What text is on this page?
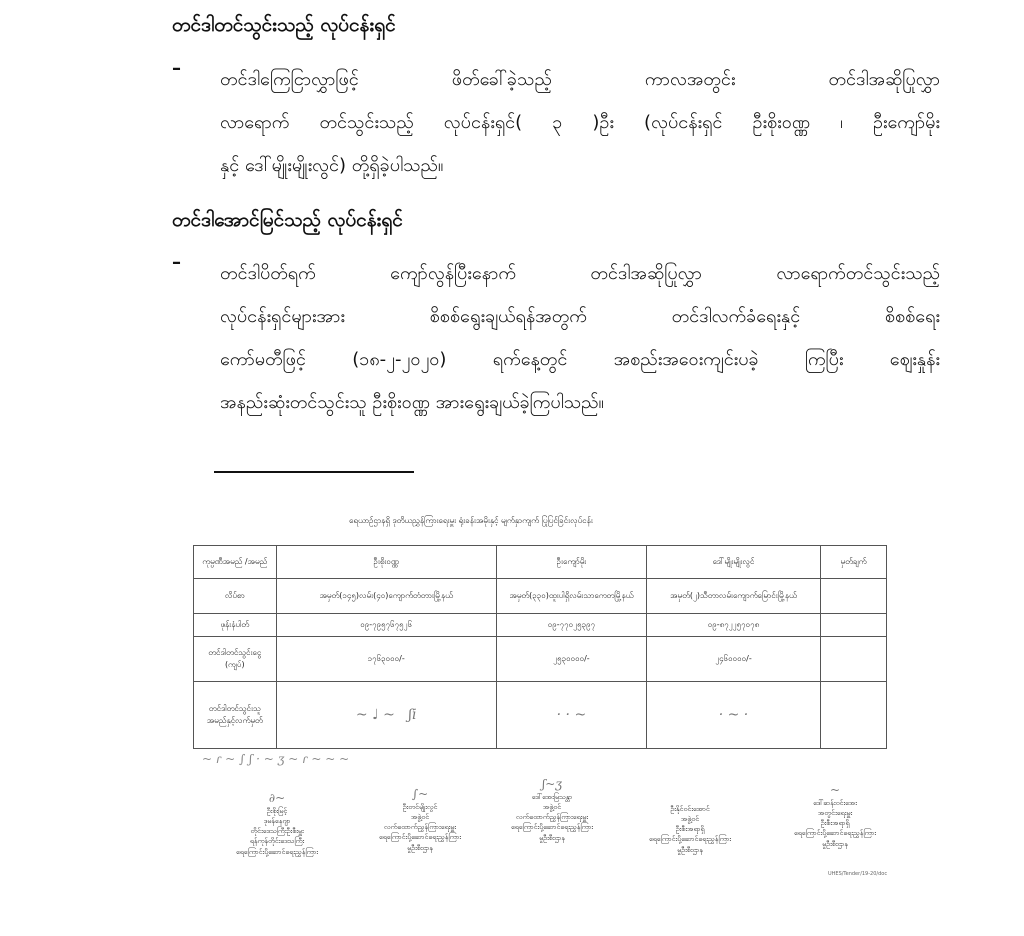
တင်ဒါတင်သွင်းသည့် လုပ်ငန်းရှင်
–
တင်ဒါကြေငြာလွှာဖြင့် ဖိတ်ခေါ်ခဲ့သည့် ကာလအတွင်း တင်ဒါအဆိုပြုလွှာ
လာရောက် တင်သွင်းသည့် လုပ်ငန်းရှင်( ၃ )ဦး (လုပ်ငန်းရှင် ဦးစိုးဝဏ္ဏ ၊ ဦးကျော်မိုး
နှင့် ဒေါ်မျိုးမျိုးလွင်) တို့ရှိခဲ့ပါသည်။
တင်ဒါအောင်မြင်သည့် လုပ်ငန်းရှင်
–
တင်ဒါပိတ်ရက် ကျော်လွန်ပြီးနောက် တင်ဒါအဆိုပြုလွှာ လာရောက်တင်သွင်းသည့်
လုပ်ငန်းရှင်များအား စိစစ်ရွေးချယ်ရန်အတွက် တင်ဒါလက်ခံရေးနှင့် စိစစ်ရေး
ကော်မတီဖြင့် (၁၈-၂-၂၀၂၀) ရက်နေ့တွင် အစည်းအဝေးကျင်းပခဲ့ ကြပြီး ဈေးနှုန်း
အနည်းဆုံးတင်သွင်းသူ ဦးစိုးဝဏ္ဏ အားရွေးချယ်ခဲ့ကြပါသည်။
ရေယာဉ်ဌာနရှိ ဒုတိယညွှန်ကြားရေးမှူး ရုံးခန်းအမိုးနှင့် မျက်နှာကျက် ပြုပြင်ခြင်းလုပ်ငန်း
ကုမ္ပဏီအမည် /အမည်	ဦးစိုးဝဏ္ဏ	ဦးကျော်မိုး	ဒေါ်မျိုးမျိုးလွင်	မှတ်ချက်
လိပ်စာ	အမှတ်(၁၄၅)လမ်း(၄၀)ကျောက်တံတားမြို့နယ်	အမှတ်(၃၃၀)ထူးပါရှိလမ်းသာကေတမြို့နယ်	အမှတ်(၂)သီတာလမ်းကျောက်မြောင်းမြို့နယ်	
ဖုန်းနံပါတ်	၀၉-၇၉၅၇၆၇၅၂၆	၀၉-၇၇၀၂၅၃၉၇	၀၉-၈၇၂၂၅၇၀၇၈	
တင်ဒါတင်သွင်းငွေ (ကျပ်)	၁၇၆၃၀၀၀/-	၂၅၃၀၀၀၀/-	၂၄၆၀၀၀၀/-	
တင်ဒါတင်သွင်းသူ အမည်နှင့်လက်မှတ်	~ ♩ ~   ʃi	· · ~	· ~ ·	
~ ɾ ~ ∫ ʃ · ~ ʒ ~ ɾ ~ ~ ~
∂~
ဦးစိုးမြင့်
ဒုမန်နေဂျာ
တိုင်းဒေသကြီးဦးစီးမှူး
ရန်ကုန်တိုင်းဒေသကြီး
ရေကြောင်းပို့ဆောင်ရေးညွှန်ကြား
∫~
ဦးတင်မျိုးလွင်
အဖွဲ့ဝင်
လက်ထောက်ညွှန်ကြားရေးမှူး
ရေကြောင်းပို့ဆောင်ရေးညွှန်ကြား
မှုဦးစီးဌာန
ʃ~ʒ
ဒေါ်အေးမြသန္တာ
အဖွဲ့ဝင်
လက်ထောက်ညွှန်ကြားရေးမှူး
ရေကြောင်းပို့ဆောင်ရေးညွှန်ကြား
မှုဦးစီးဌာန
ဦးနိုင်ဝင်းအောင်
အဖွဲ့ဝင်
ဦးစီးအရာရှိ
ရေကြောင်းပို့ဆောင်ရေးညွှန်ကြား
မှုဦးစီးဌာန
~
ဒေါ်ဆန်းဝင်းအေး
အတွင်းရေးမှူး
ဦးစီးအရာရှိ
ရေကြောင်းပို့ဆောင်ရေးညွှန်ကြား
မှုဦးစီးဌာန
UHES/Tender/19-20/doc
